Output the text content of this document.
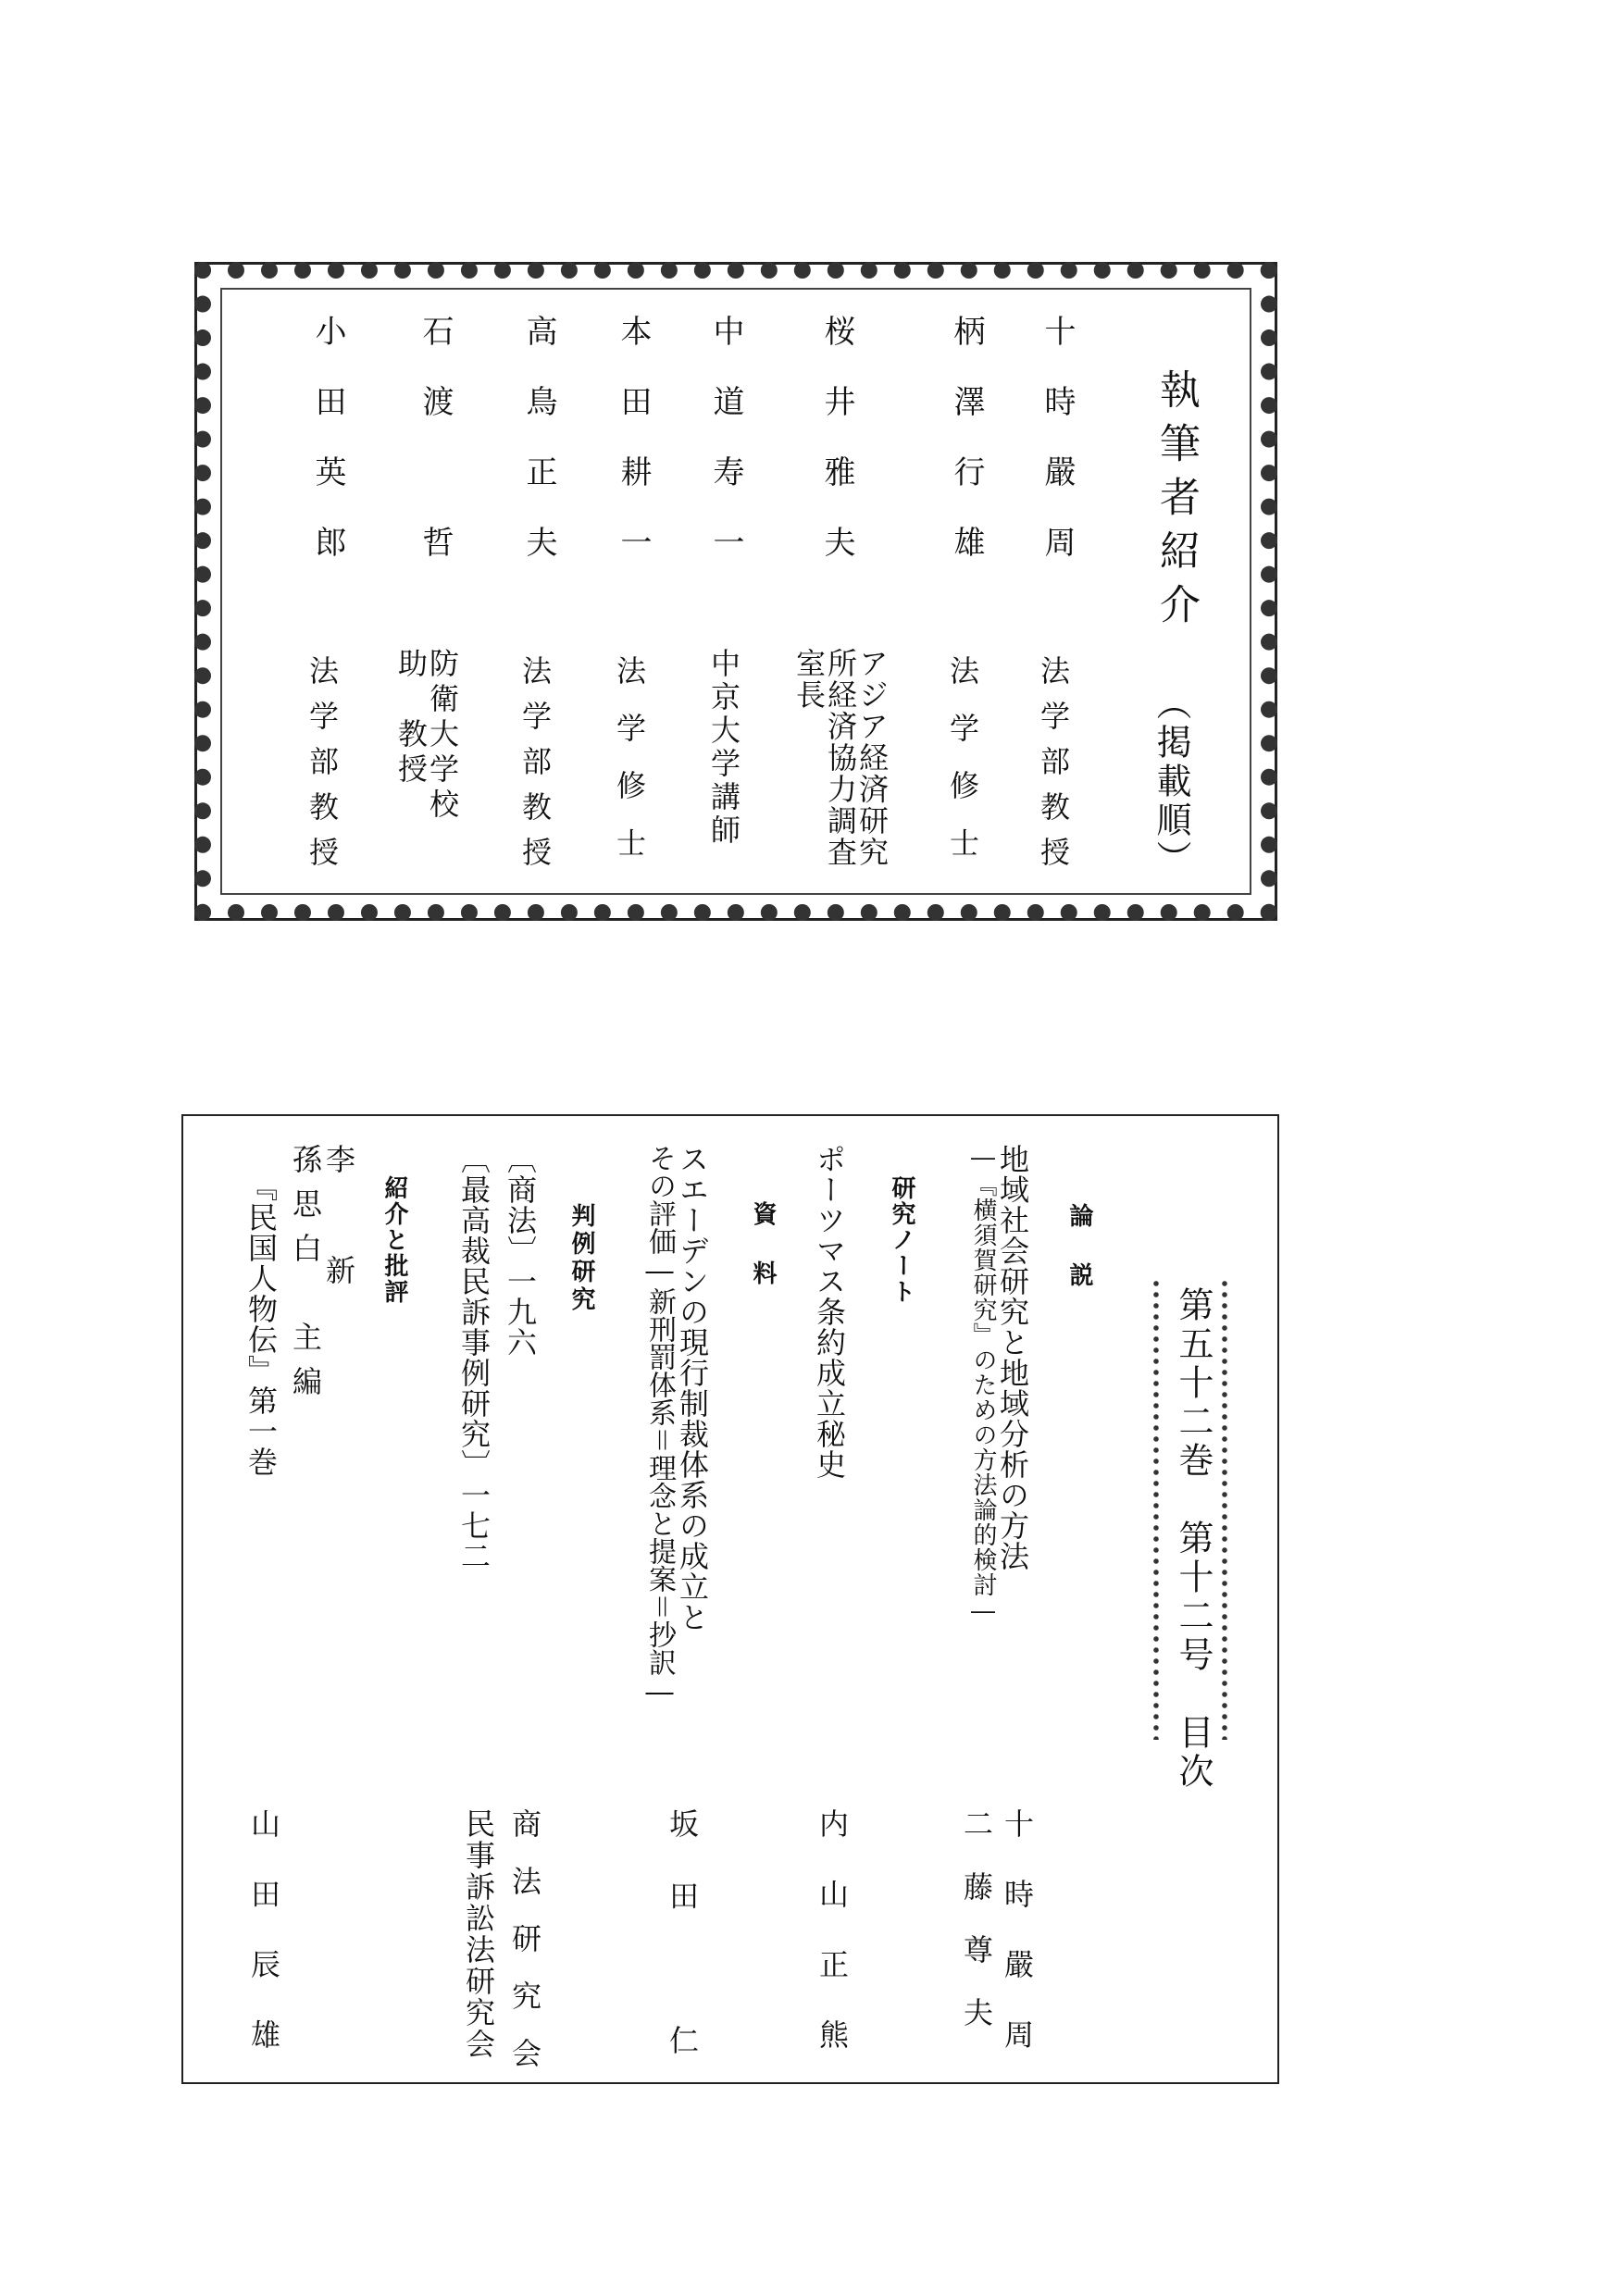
執筆者紹介
（掲載順）
十時嚴周
柄澤行雄
桜井雅夫
中道寿一
本田耕一
高鳥正夫
石渡　哲
小田英郎
法学部教授
法学修士
アジア経済研究
所経済協力調査
室長
中京大学講師
法学修士
法学部教授
防衛大学校
助　教授
法学部教授
第五十二巻　第十二号　目次
論　説
地域社会研究と地域分析の方法
―『横須賀研究』のための方法論的検討―
十時嚴周
二藤尊夫
研究ノート
ポーツマス条約成立秘史
内山正熊
資　料
スエーデンの現行制裁体系の成立と
その評価―新刑罰体系＝理念と提案＝抄訳―
坂田　仁
判例研究
〔商法〕一九六
〔最高裁民訴事例研究〕一七二
商法研究会
民事訴訟法研究会
紹介と批評
李　新
孫思白　主編
『民国人物伝』第一巻
山田辰雄
